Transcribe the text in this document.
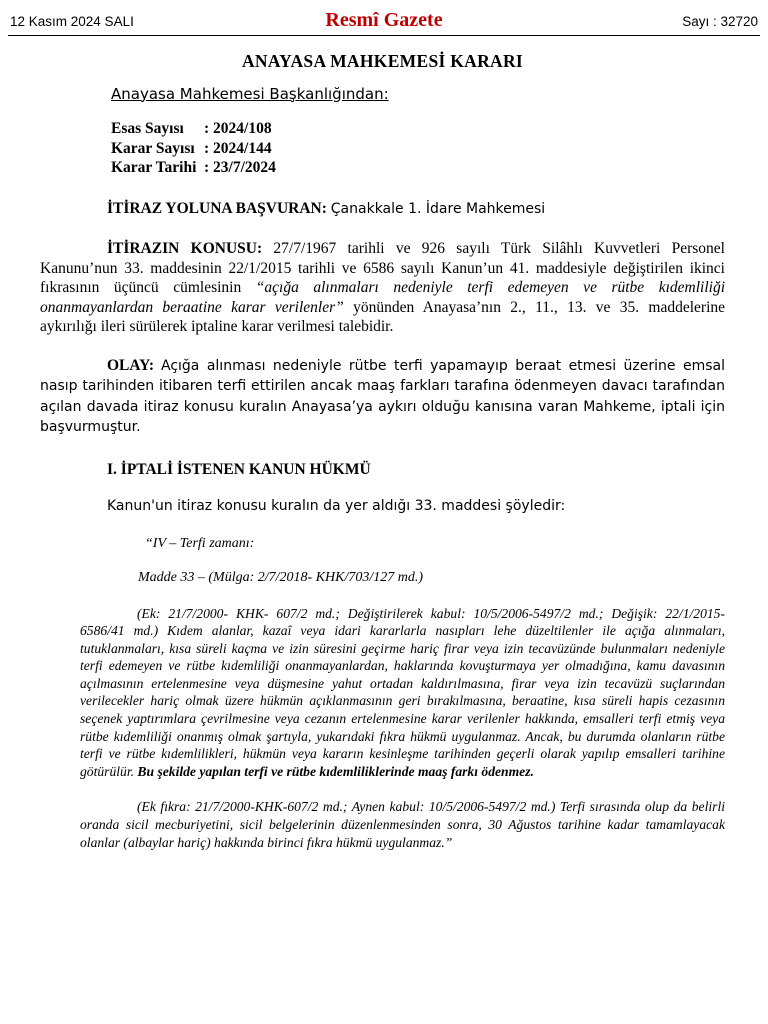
12 Kasım 2024 SALI	Resmî Gazete	Sayı : 32720

ANAYASA MAHKEMESİ KARARI

Anayasa Mahkemesi Başkanlığından:
Esas Sayısı : 2024/108
Karar Sayısı : 2024/144
Karar Tarihi : 23/7/2024

İTİRAZ YOLUNA BAŞVURAN: Çanakkale 1. İdare Mahkemesi

İTİRAZIN KONUSU: 27/7/1967 tarihli ve 926 sayılı Türk Silâhlı Kuvvetleri Personel Kanunu’nun 33. maddesinin 22/1/2015 tarihli ve 6586 sayılı Kanun’un 41. maddesiyle değiştirilen ikinci fıkrasının üçüncü cümlesinin “açığa alınmaları nedeniyle terfi edemeyen ve rütbe kıdemliliği onanmayanlardan beraatine karar verilenler” yönünden Anayasa’nın 2., 11., 13. ve 35. maddelerine aykırılığı ileri sürülerek iptaline karar verilmesi talebidir.

OLAY: Açığa alınması nedeniyle rütbe terfi yapamayıp beraat etmesi üzerine emsal nasıp tarihinden itibaren terfi ettirilen ancak maaş farkları tarafına ödenmeyen davacı tarafından açılan davada itiraz konusu kuralın Anayasa’ya aykırı olduğu kanısına varan Mahkeme, iptali için başvurmuştur.

I. İPTALİ İSTENEN KANUN HÜKMÜ

Kanun'un itiraz konusu kuralın da yer aldığı 33. maddesi şöyledir:

“IV – Terfi zamanı:

Madde 33 – (Mülga: 2/7/2018- KHK/703/127 md.)

(Ek: 21/7/2000- KHK- 607/2 md.; Değiştirilerek kabul: 10/5/2006-5497/2 md.; Değişik: 22/1/2015- 6586/41 md.) Kıdem alanlar, kazaî veya idari kararlarla nasıpları lehe düzeltilenler ile açığa alınmaları, tutuklanmaları, kısa süreli kaçma ve izin süresini geçirme hariç firar veya izin tecavüzünde bulunmaları nedeniyle terfi edemeyen ve rütbe kıdemliliği onanmayanlardan, haklarında kovuşturmaya yer olmadığına, kamu davasının açılmasının ertelenmesine veya düşmesine yahut ortadan kaldırılmasına, firar veya izin tecavüzü suçlarından verilecekler hariç olmak üzere hükmün açıklanmasının geri bırakılmasına, beraatine, kısa süreli hapis cezasının seçenek yaptırımlara çevrilmesine veya cezanın ertelenmesine karar verilenler hakkında, emsalleri terfi etmiş veya rütbe kıdemliliği onanmış olmak şartıyla, yukarıdaki fıkra hükmü uygulanmaz. Ancak, bu durumda olanların rütbe terfi ve rütbe kıdemlilikleri, hükmün veya kararın kesinleşme tarihinden geçerli olarak yapılıp emsalleri tarihine götürülür. Bu şekilde yapılan terfi ve rütbe kıdemliliklerinde maaş farkı ödenmez.

(Ek fıkra: 21/7/2000-KHK-607/2 md.; Aynen kabul: 10/5/2006-5497/2 md.) Terfi sırasında olup da belirli oranda sicil mecburiyetini, sicil belgelerinin düzenlenmesinden sonra, 30 Ağustos tarihine kadar tamamlayacak olanlar (albaylar hariç) hakkında birinci fıkra hükmü uygulanmaz.”
